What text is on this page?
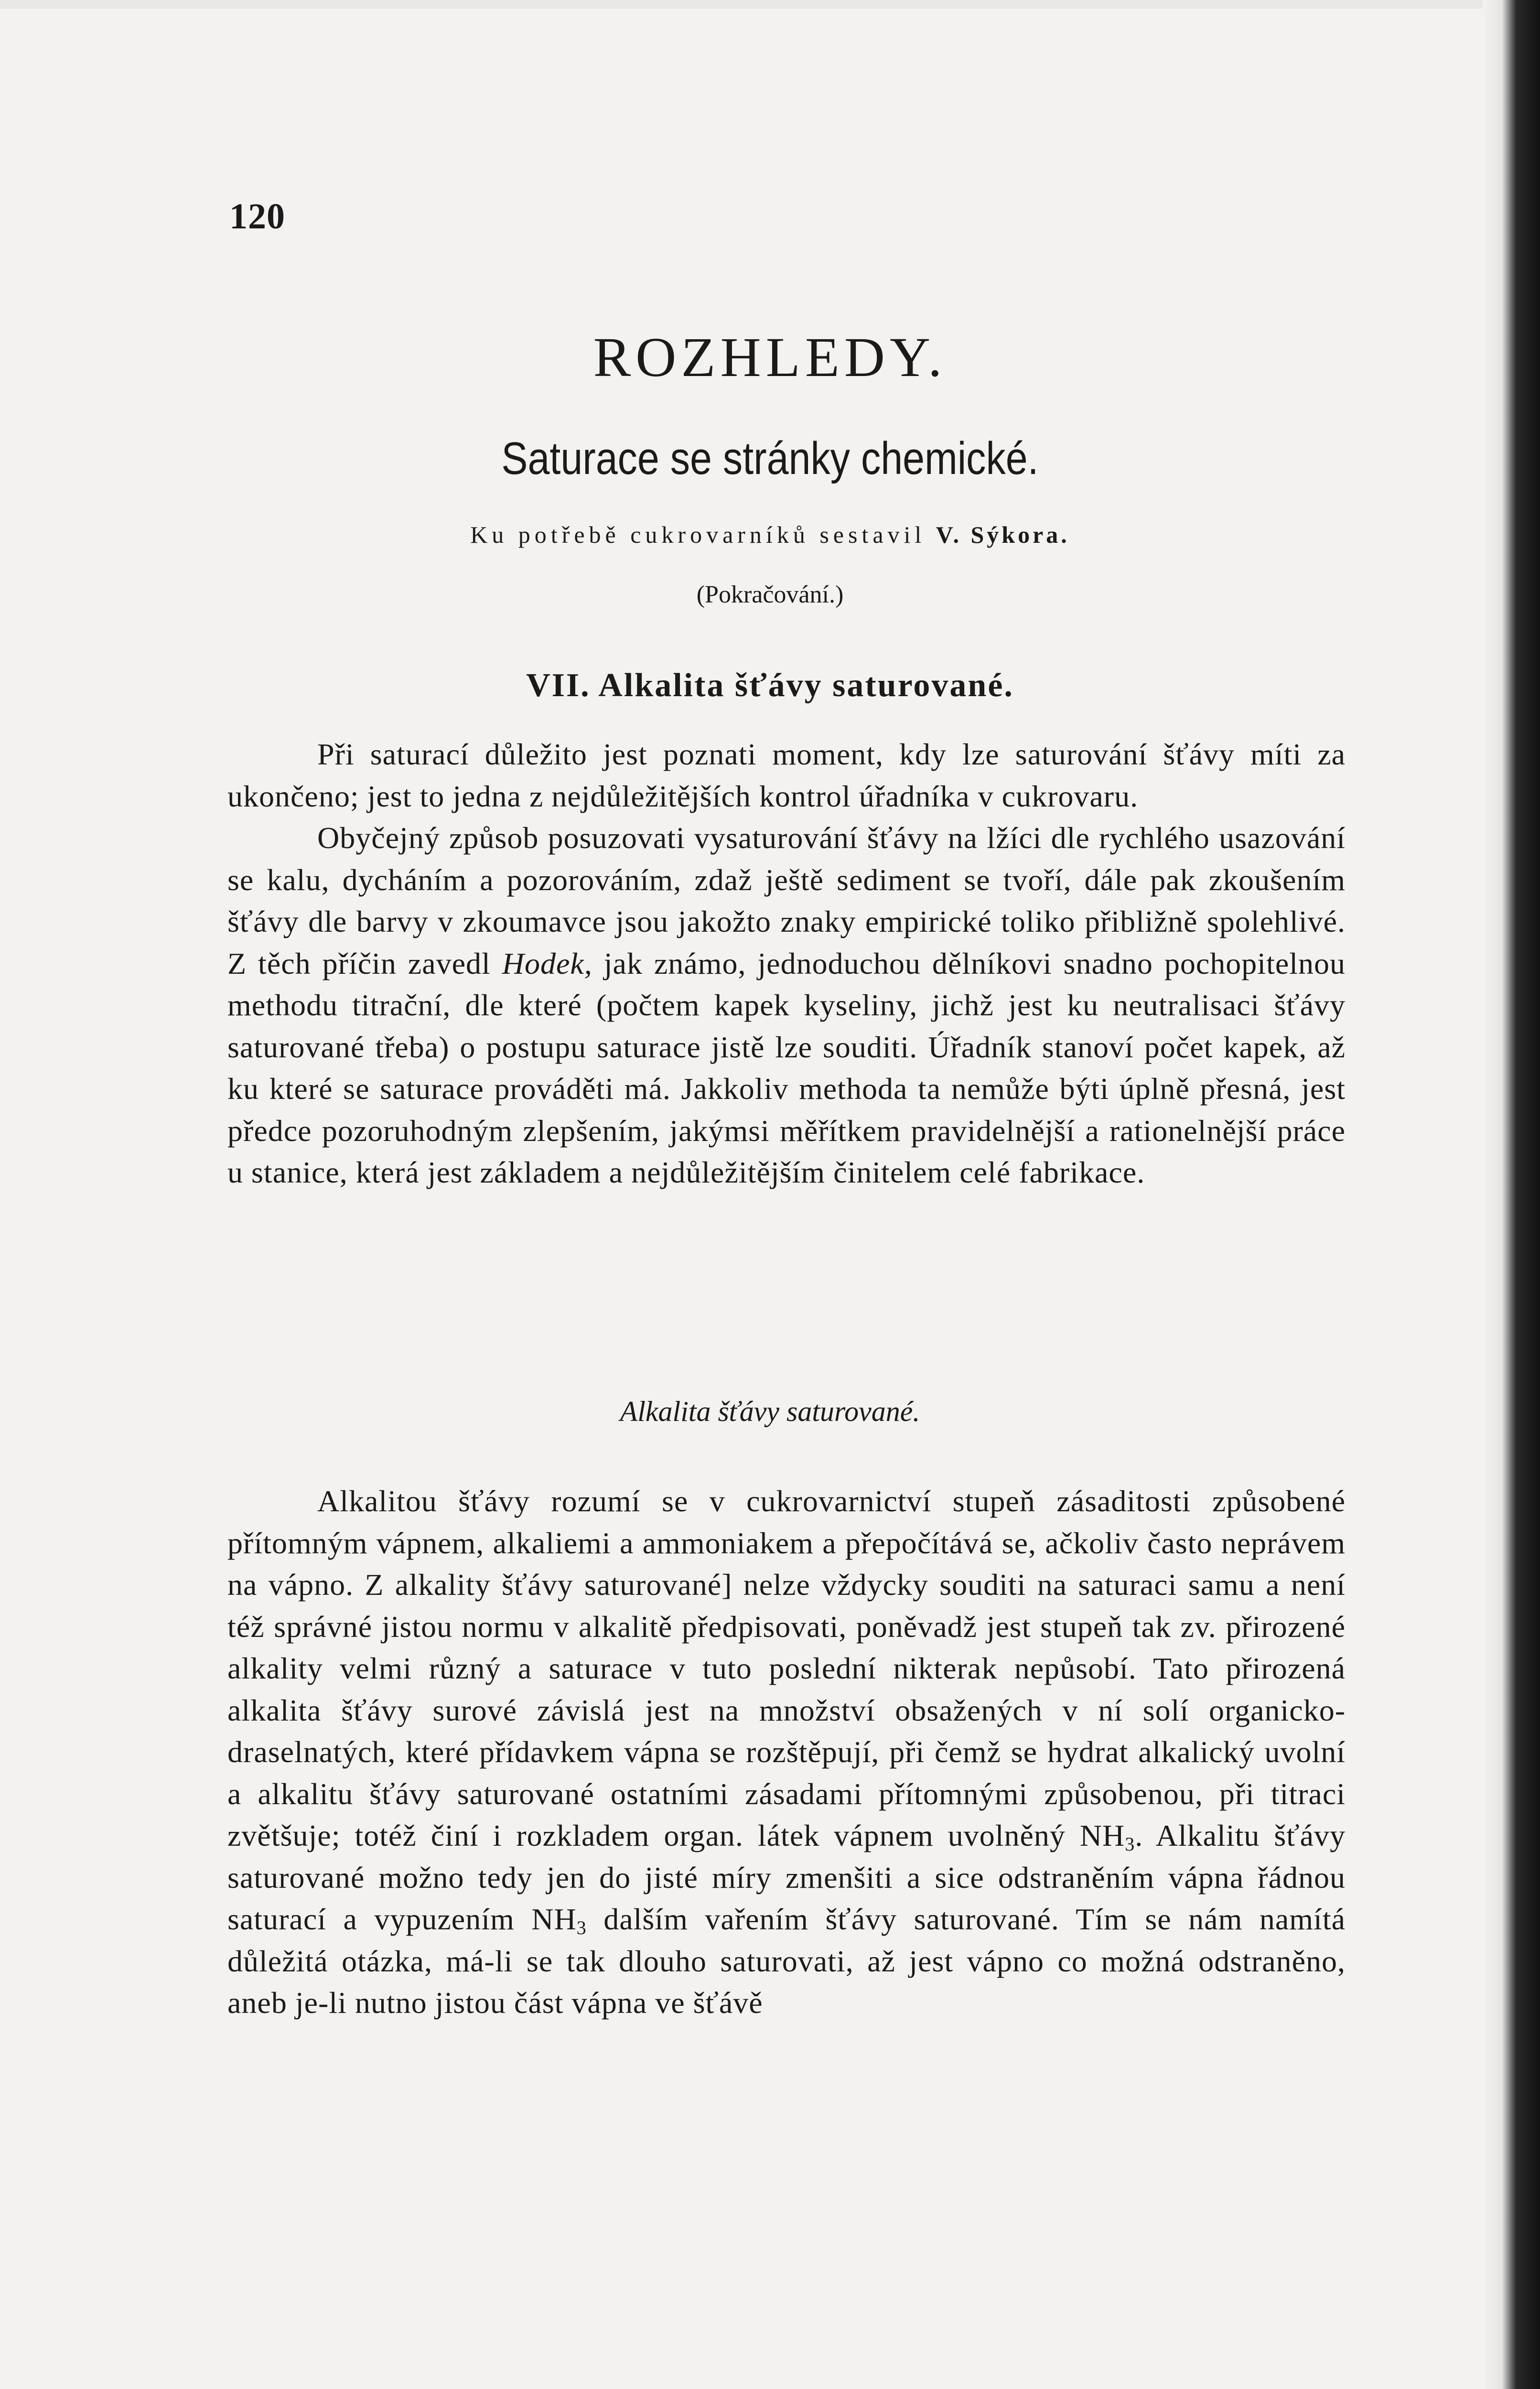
120
ROZHLEDY.
Saturace se stránky chemické.
Ku potřebě cukrovarníků sestavil V. Sýkora.
(Pokračování.)
VII. Alkalita šťávy saturované.

Při saturací důležito jest poznati moment, kdy lze saturování šťávy míti za ukončeno; jest to jedna z nejdůležitějších kontrol úřadníka v cukrovaru.

Obyčejný způsob posuzovati vysaturování šťávy na lžíci dle rychlého usazování se kalu, dycháním a pozorováním, zdaž ještě sediment se tvoří, dále pak zkoušením šťávy dle barvy v zkoumavce jsou jakožto znaky empirické toliko přibližně spolehlivé. Z těch příčin zavedl Hodek, jak známo, jednoduchou dělníkovi snadno pochopitelnou methodu titrační, dle které (počtem kapek kyseliny, jichž jest ku neutralisaci šťávy saturované třeba) o postupu saturace jistě lze souditi. Úřadník stanoví počet kapek, až ku které se saturace prováděti má. Jakkoliv methoda ta nemůže býti úplně přesná, jest předce pozoruhodným zlepšením, jakýmsi měřítkem pravidelnější a rationelnější práce u stanice, která jest základem a nejdůležitějším činitelem celé fabrikace.

Alkalita šťávy saturované.

Alkalitou šťávy rozumí se v cukrovarnictví stupeň zásaditosti způsobené přítomným vápnem, alkaliemi a ammoniakem a přepočítává se, ačkoliv často neprávem na vápno. Z alkality šťávy saturované] nelze vždycky souditi na saturaci samu a není též správné jistou normu v alkalitě předpisovati, poněvadž jest stupeň tak zv. přirozené alkality velmi různý a saturace v tuto poslední nikterak nepůsobí. Tato přirozená alkalita šťávy surové závislá jest na množství obsažených v ní solí organicko-draselnatých, které přídavkem vápna se rozštěpují, při čemž se hydrat alkalický uvolní a alkalitu šťávy saturované ostatními zásadami přítomnými způsobenou, při titraci zvětšuje; totéž činí i rozkladem organ. látek vápnem uvolněný $NH_3$. Alkalitu šťávy saturované možno tedy jen do jisté míry zmenšiti a sice odstraněním vápna řádnou saturací a vypuzením $NH_3$ dalším vařením šťávy saturované. Tím se nám namítá důležitá otázka, má-li se tak dlouho saturovati, až jest vápno co možná odstraněno, aneb je-li nutno jistou část vápna ve šťávě
